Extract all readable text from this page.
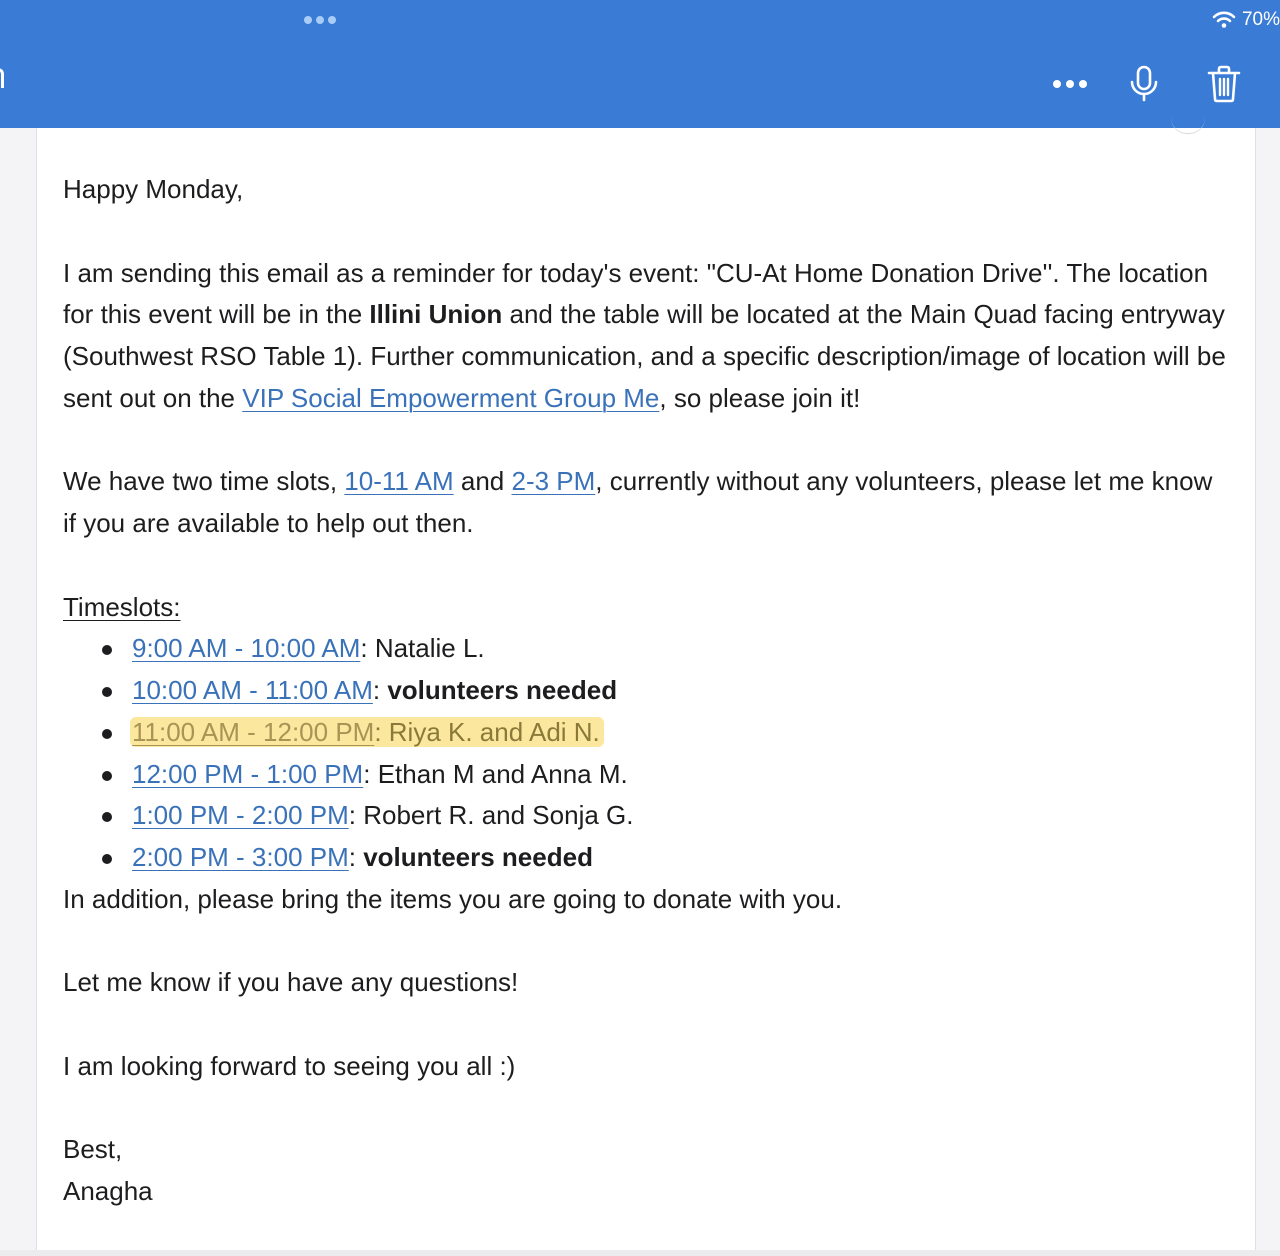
70%

Happy Monday,

I am sending this email as a reminder for today's event: "CU-At Home Donation Drive''. The location for this event will be in the Illini Union and the table will be located at the Main Quad facing entryway (Southwest RSO Table 1). Further communication, and a specific description/image of location will be sent out on the VIP Social Empowerment Group Me, so please join it!

We have two time slots, 10-11 AM and 2-3 PM, currently without any volunteers, please let me know if you are available to help out then.

Timeslots:

9:00 AM - 10:00 AM: Natalie L.
10:00 AM - 11:00 AM: volunteers needed
11:00 AM - 12:00 PM: Riya K. and Adi N.
12:00 PM - 1:00 PM: Ethan M and Anna M.
1:00 PM - 2:00 PM: Robert R. and Sonja G.
2:00 PM - 3:00 PM: volunteers needed

In addition, please bring the items you are going to donate with you.

Let me know if you have any questions!

I am looking forward to seeing you all :)

Best,

Anagha
